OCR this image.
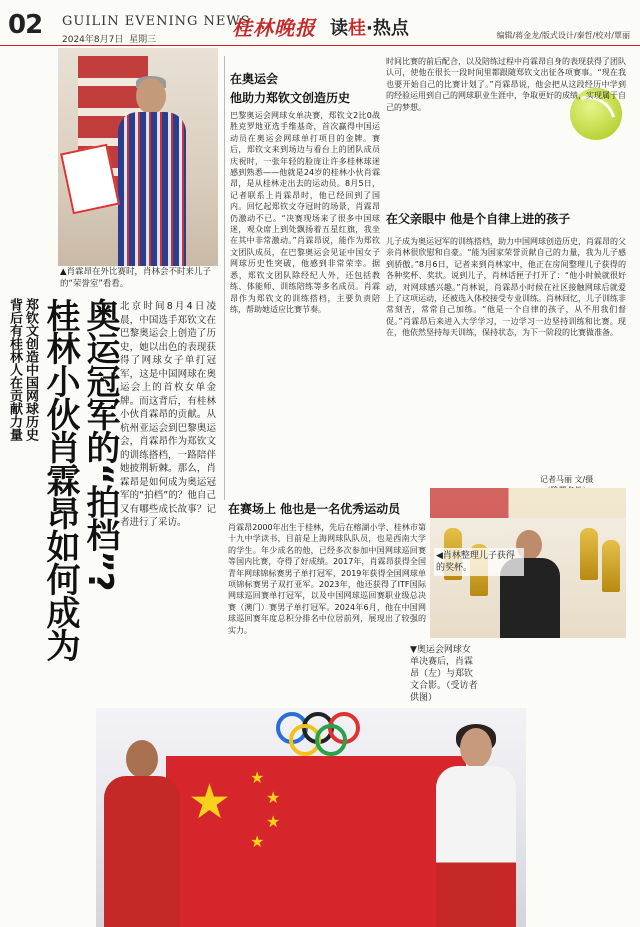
02 GUILIN EVENING NEWS
2024年8月7日 星期三	桂林晚报 读桂·热点	编辑/蒋金龙/版式设计/秦哲/校对/覃丽
▲肖霖昂在外比赛时，肖林会不时来儿子的“荣誉室”看看。
奥运冠军的“拍档”?
桂林小伙肖霖昂如何成为
郑钦文创造中国网球历史
背后有桂林人在贡献力量	北京时间8月4日凌晨，中国选手郑钦文在巴黎奥运会上创造了历史，她以出色的表现获得了网球女子单打冠军，这是中国网球在奥运会上的首枚女单金牌。而这背后，有桂林小伙肖霖昂的贡献。从杭州亚运会到巴黎奥运会，肖霖昂作为郑钦文的训练搭档，一路陪伴她披荆斩棘。那么，肖霖昂是如何成为奥运冠军的“拍档”的？他自己又有哪些成长故事？记者进行了采访。
在奥运会
他助力郑钦文创造历史
巴黎奥运会网球女单决赛，郑钦文2比0战胜克罗地亚选手维基奇，首次赢得中国运动员在奥运会网球单打项目的金牌。赛后，郑钦文来到场边与看台上的团队成员庆祝时，一张年轻的脸庞让许多桂林球迷感到熟悉——他就是24岁的桂林小伙肖霖昂，是从桂林走出去的运动员。8月5日，记者联系上肖霖昂时，他已经回到了国内。回忆起郑钦文夺冠时的场景，肖霖昂仍激动不已。“决赛现场来了很多中国球迷，观众席上到处飘扬着五星红旗，我坐在其中非常激动。”肖霖昂说，能作为郑钦文团队成员，在巴黎奥运会见证中国女子网球历史性突破，他感到非常荣幸。据悉，郑钦文团队除经纪人外，还包括教练、体能师、训练陪练等多名成员。肖霖昂作为郑钦文的训练搭档，主要负责陪练，帮助她适应比赛节奏。
时间比赛的前后配合，以及陪练过程中肖霖昂自身的表现获得了团队认可，使他在很长一段时间里都跟随郑钦文出征各项赛事。“现在我也要开始自己的比赛计划了。”肖霖昂说，他会把从这段经历中学到的经验运用到自己的网球职业生涯中，争取更好的成绩，实现属于自己的梦想。
在父亲眼中 他是个自律上进的孩子
儿子成为奥运冠军的训练搭档，助力中国网球创造历史，肖霖昂的父亲肖林很欣慰和自豪。“能为国家荣誉贡献自己的力量，我为儿子感到骄傲。”8月6日，记者来到肖林家中，他正在房间整理儿子获得的各种奖杯、奖状。说到儿子，肖林话匣子打开了：“他小时候就很好动，对网球感兴趣。”肖林说，肖霖昂小时候在社区接触网球后就爱上了这项运动，还被选入体校接受专业训练。肖林回忆，儿子训练非常刻苦，常常自己加练。“他是一个自律的孩子，从不用我们督促。”肖霖昂后来进入大学学习，一边学习一边坚持训练和比赛。现在，他依然坚持每天训练，保持状态，为下一阶段的比赛做准备。
记者马丽 文/摄
在赛场上 他也是一名优秀运动员
肖霖昂2000年出生于桂林，先后在榕湖小学、桂林市第十九中学读书，目前是上海网球队队员，也是西南大学的学生。年少成名的他，已经多次参加中国网球巡回赛等国内比赛，夺得了好成绩。2017年，肖霖昂获得全国青年网球锦标赛男子单打冠军，2019年获得全国网球单项锦标赛男子双打亚军。2023年，他还获得了ITF国际网球巡回赛单打冠军，以及中国网球巡回赛职业级总决赛（澳门）赛男子单打冠军。2024年6月，他在中国网球巡回赛年度总积分排名中位居前列，展现出了较强的实力。
◀肖林整理儿子获得的奖杯。
▼奥运会网球女单决赛后，肖霖昂（左）与郑钦文合影。（受访者供图）
★ ★
★
★
★
